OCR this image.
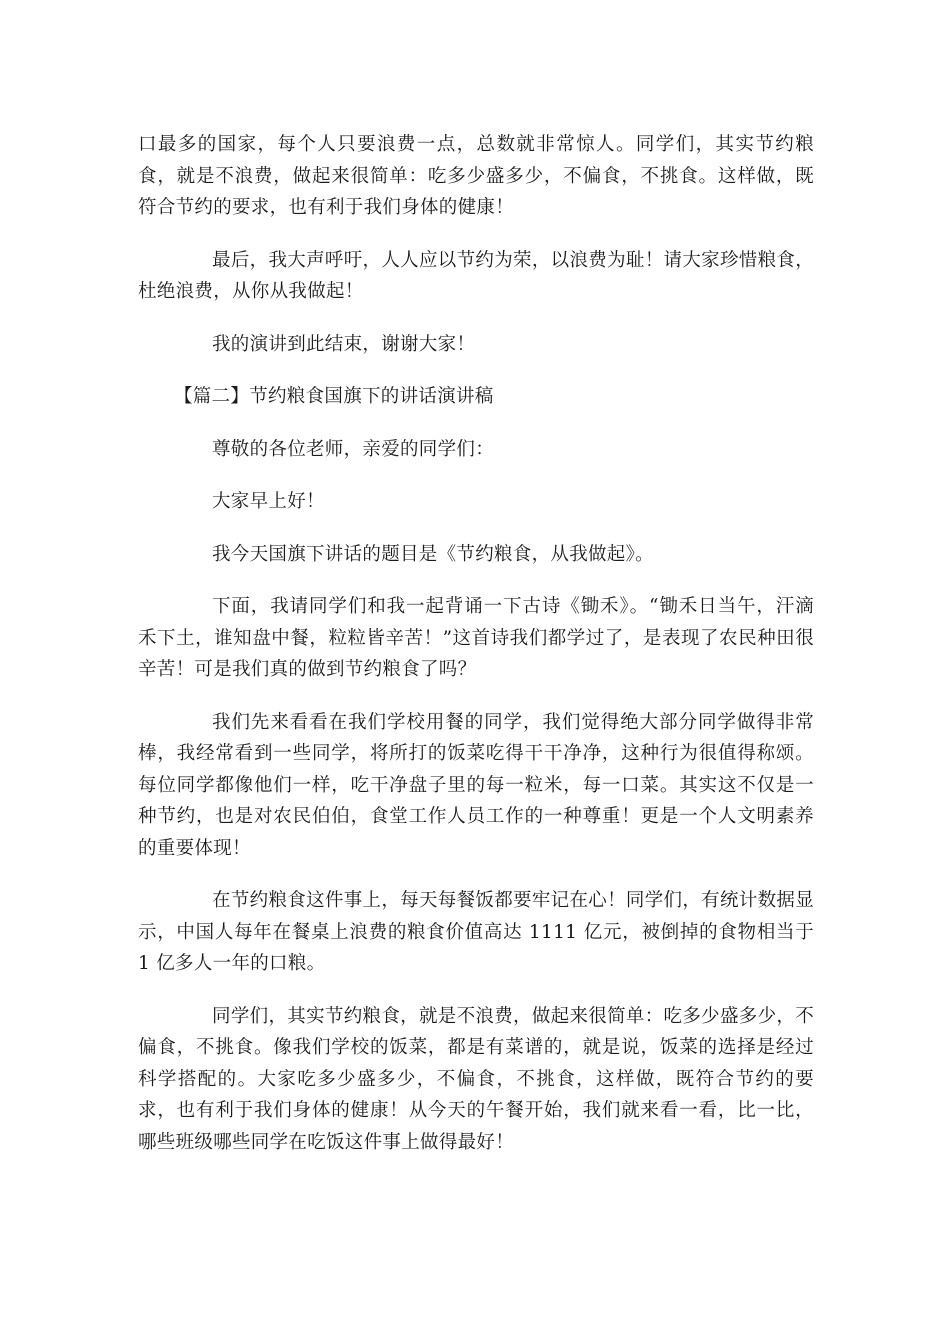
口最多的国家，每个人只要浪费一点，总数就非常惊人。同学们，其实节约粮食，就是不浪费，做起来很简单：吃多少盛多少，不偏食，不挑食。这样做，既符合节约的要求，也有利于我们身体的健康！

最后，我大声呼吁，人人应以节约为荣，以浪费为耻！请大家珍惜粮食，杜绝浪费，从你从我做起！

我的演讲到此结束，谢谢大家！

【篇二】节约粮食国旗下的讲话演讲稿

尊敬的各位老师，亲爱的同学们：

大家早上好！

我今天国旗下讲话的题目是《节约粮食，从我做起》。

下面，我请同学们和我一起背诵一下古诗《锄禾》。“锄禾日当午，汗滴禾下土，谁知盘中餐，粒粒皆辛苦！”这首诗我们都学过了，是表现了农民种田很辛苦！可是我们真的做到节约粮食了吗？

我们先来看看在我们学校用餐的同学，我们觉得绝大部分同学做得非常棒，我经常看到一些同学，将所打的饭菜吃得干干净净，这种行为很值得称颂。每位同学都像他们一样，吃干净盘子里的每一粒米，每一口菜。其实这不仅是一种节约，也是对农民伯伯，食堂工作人员工作的一种尊重！更是一个人文明素养的重要体现！

在节约粮食这件事上，每天每餐饭都要牢记在心！同学们，有统计数据显示，中国人每年在餐桌上浪费的粮食价值高达 1111 亿元，被倒掉的食物相当于 1 亿多人一年的口粮。

同学们，其实节约粮食，就是不浪费，做起来很简单：吃多少盛多少，不偏食，不挑食。像我们学校的饭菜，都是有菜谱的，就是说，饭菜的选择是经过科学搭配的。大家吃多少盛多少，不偏食，不挑食，这样做，既符合节约的要求，也有利于我们身体的健康！从今天的午餐开始，我们就来看一看，比一比，哪些班级哪些同学在吃饭这件事上做得最好！
